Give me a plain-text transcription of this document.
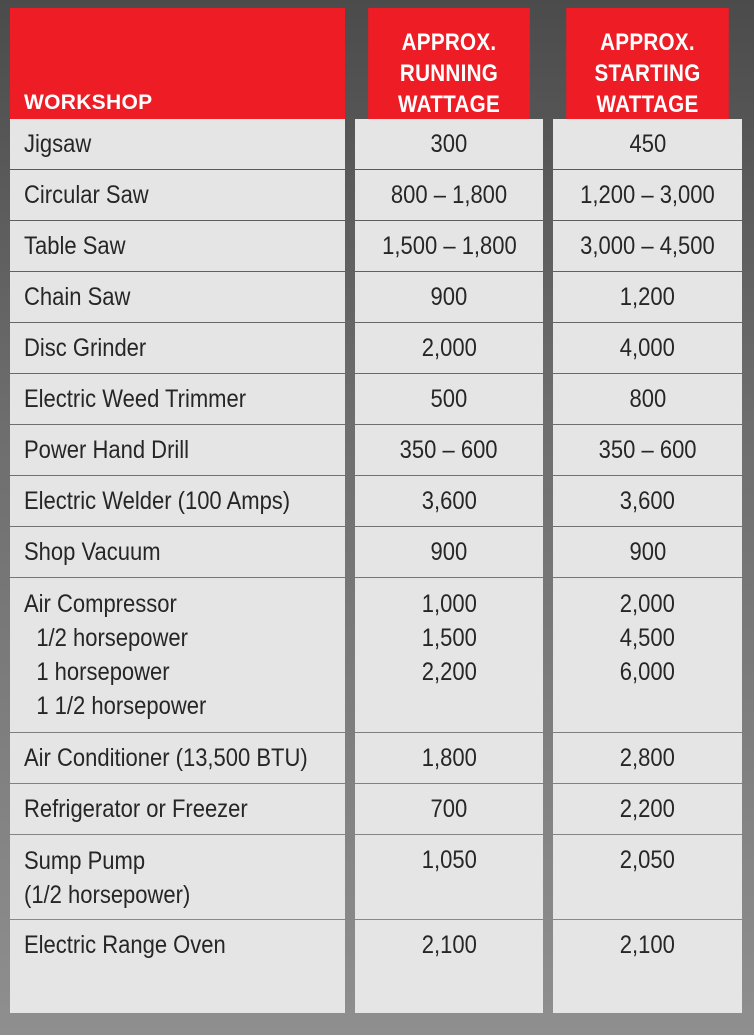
WORKSHOP
Jigsaw
Circular Saw
Table Saw
Chain Saw
Disc Grinder
Electric Weed Trimmer
Power Hand Drill
Electric Welder (100 Amps)
Shop Vacuum
Air Compressor
1/2 horsepower
1 horsepower
1 1/2 horsepower
Air Conditioner (13,500 BTU)
Refrigerator or Freezer
Sump Pump
(1/2 horsepower)
Electric Range Oven
APPROX.
RUNNING
WATTAGE
300
800 – 1,800
1,500 – 1,800
900
2,000
500
350 – 600
3,600
900
1,000
1,500
2,200
1,800
700
1,050
2,100
APPROX.
STARTING
WATTAGE
450
1,200 – 3,000
3,000 – 4,500
1,200
4,000
800
350 – 600
3,600
900
2,000
4,500
6,000
2,800
2,200
2,050
2,100
